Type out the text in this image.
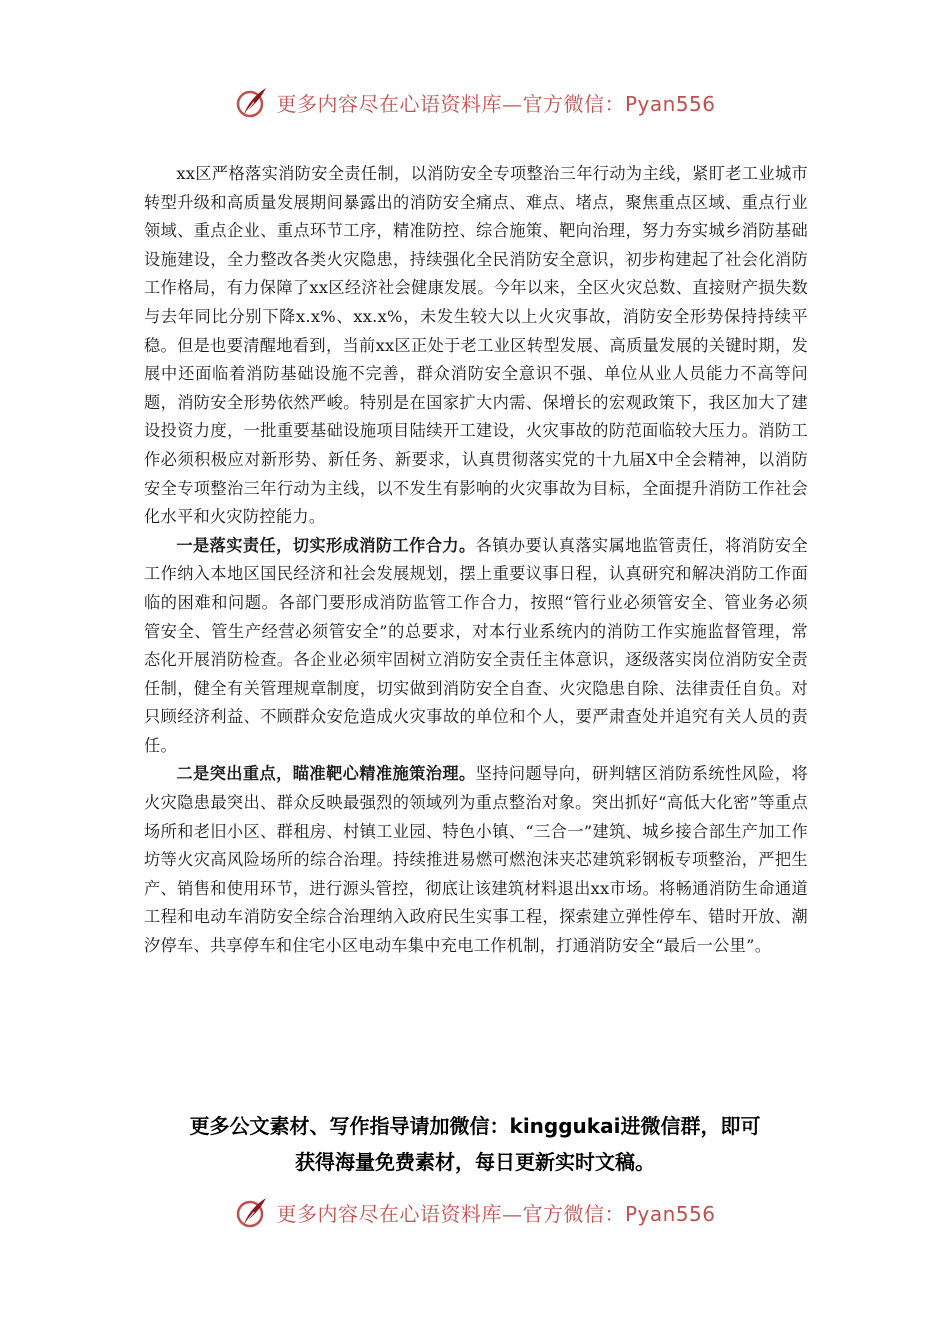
更多内容尽在心语资料库—官方微信：Pyan556

xx区严格落实消防安全责任制，以消防安全专项整治三年行动为主线，紧盯老工业城市转型升级和高质量发展期间暴露出的消防安全痛点、难点、堵点，聚焦重点区域、重点行业领域、重点企业、重点环节工序，精准防控、综合施策、靶向治理，努力夯实城乡消防基础设施建设，全力整改各类火灾隐患，持续强化全民消防安全意识，初步构建起了社会化消防工作格局，有力保障了xx区经济社会健康发展。今年以来，全区火灾总数、直接财产损失数与去年同比分别下降x.x%、xx.x%，未发生较大以上火灾事故，消防安全形势保持持续平稳。但是也要清醒地看到，当前xx区正处于老工业区转型发展、高质量发展的关键时期，发展中还面临着消防基础设施不完善，群众消防安全意识不强、单位从业人员能力不高等问题，消防安全形势依然严峻。特别是在国家扩大内需、保增长的宏观政策下，我区加大了建设投资力度，一批重要基础设施项目陆续开工建设，火灾事故的防范面临较大压力。消防工作必须积极应对新形势、新任务、新要求，认真贯彻落实党的十九届X中全会精神，以消防安全专项整治三年行动为主线，以不发生有影响的火灾事故为目标，全面提升消防工作社会化水平和火灾防控能力。

一是落实责任，切实形成消防工作合力。各镇办要认真落实属地监管责任，将消防安全工作纳入本地区国民经济和社会发展规划，摆上重要议事日程，认真研究和解决消防工作面临的困难和问题。各部门要形成消防监管工作合力，按照“管行业必须管安全、管业务必须管安全、管生产经营必须管安全”的总要求，对本行业系统内的消防工作实施监督管理，常态化开展消防检查。各企业必须牢固树立消防安全责任主体意识，逐级落实岗位消防安全责任制，健全有关管理规章制度，切实做到消防安全自查、火灾隐患自除、法律责任自负。对只顾经济利益、不顾群众安危造成火灾事故的单位和个人，要严肃查处并追究有关人员的责任。

二是突出重点，瞄准靶心精准施策治理。坚持问题导向，研判辖区消防系统性风险，将火灾隐患最突出、群众反映最强烈的领域列为重点整治对象。突出抓好“高低大化密”等重点场所和老旧小区、群租房、村镇工业园、特色小镇、“三合一”建筑、城乡接合部生产加工作坊等火灾高风险场所的综合治理。持续推进易燃可燃泡沫夹芯建筑彩钢板专项整治，严把生产、销售和使用环节，进行源头管控，彻底让该建筑材料退出xx市场。将畅通消防生命通道工程和电动车消防安全综合治理纳入政府民生实事工程，探索建立弹性停车、错时开放、潮汐停车、共享停车和住宅小区电动车集中充电工作机制，打通消防安全“最后一公里”。

更多公文素材、写作指导请加微信：kinggukai进微信群，即可
获得海量免费素材，每日更新实时文稿。
更多内容尽在心语资料库—官方微信：Pyan556
